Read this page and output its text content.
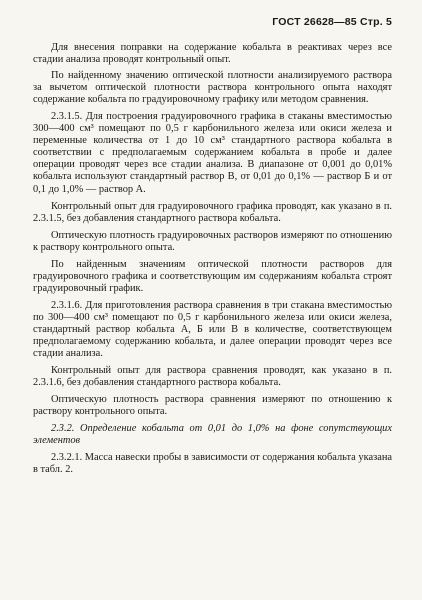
ГОСТ 26628—85 Стр. 5

Для внесения поправки на содержание кобальта в реактивах через все стадии анализа проводят контрольный опыт.

По найденному значению оптической плотности анализируемого раствора за вычетом оптической плотности раствора контрольного опыта находят содержание кобальта по градуировочному графику или методом сравнения.

2.3.1.5. Для построения градуировочного графика в стаканы вместимостью 300—400 см³ помещают по 0,5 г карбонильного железа или окиси железа и переменные количества от 1 до 10 см³ стандартного раствора кобальта в соответствии с предполагаемым содержанием кобальта в пробе и далее операции проводят через все стадии анализа. В диапазоне от 0,001 до 0,01% кобальта используют стандартный раствор В, от 0,01 до 0,1% — раствор Б и от 0,1 до 1,0% — раствор А.

Контрольный опыт для градуировочного графика проводят, как указано в п. 2.3.1.5, без добавления стандартного раствора кобальта.

Оптическую плотность градуировочных растворов измеряют по отношению к раствору контрольного опыта.

По найденным значениям оптической плотности растворов для градуировочного графика и соответствующим им содержаниям кобальта строят градуировочный график.

2.3.1.6. Для приготовления раствора сравнения в три стакана вместимостью по 300—400 см³ помещают по 0,5 г карбонильного железа или окиси железа, стандартный раствор кобальта А, Б или В в количестве, соответствующем предполагаемому содержанию кобальта, и далее операции проводят через все стадии анализа.

Контрольный опыт для раствора сравнения проводят, как указано в п. 2.3.1.6, без добавления стандартного раствора кобальта.

Оптическую плотность раствора сравнения измеряют по отношению к раствору контрольного опыта.

2.3.2. Определение кобальта от 0,01 до 1,0% на фоне сопутствующих элементов

2.3.2.1. Масса навески пробы в зависимости от содержания кобальта указана в табл. 2.
